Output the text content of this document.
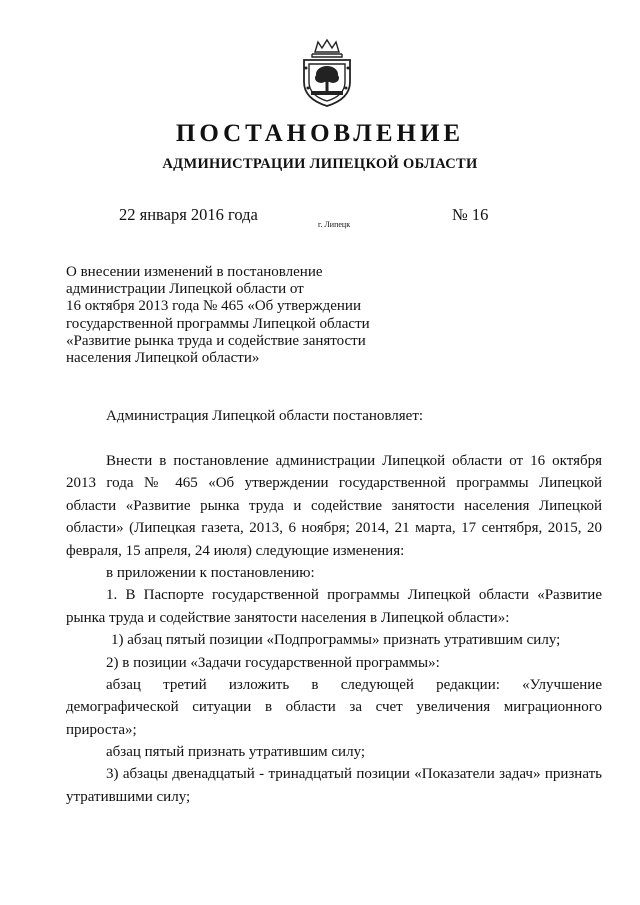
ПОСТАНОВЛЕНИЕ
АДМИНИСТРАЦИИ ЛИПЕЦКОЙ ОБЛАСТИ
22 января 2016 года
г. Липецк
№ 16
О внесении изменений в постановление
администрации Липецкой области от
16 октября 2013 года № 465 «Об утверждении
государственной программы Липецкой области
«Развитие рынка труда и содействие занятости
населения Липецкой области»
Администрация Липецкой области постановляет:
Внести в постановление администрации Липецкой области от 16 октября
2013 года № 465 «Об утверждении государственной программы Липецкой
области «Развитие рынка труда и содействие занятости населения Липецкой
области» (Липецкая газета, 2013, 6 ноября; 2014, 21 марта, 17 сентября, 2015, 20
февраля, 15 апреля, 24 июля) следующие изменения:
в приложении к постановлению:
1. В Паспорте государственной программы Липецкой области «Развитие
рынка труда и содействие занятости населения в Липецкой области»:
1) абзац пятый позиции «Подпрограммы» признать утратившим силу;
2) в позиции «Задачи государственной программы»:
абзац третий изложить в следующей редакции: «Улучшение
демографической ситуации в области за счет увеличения миграционного
прироста»;
абзац пятый признать утратившим силу;
3) абзацы двенадцатый - тринадцатый позиции «Показатели задач» признать
утратившими силу;
